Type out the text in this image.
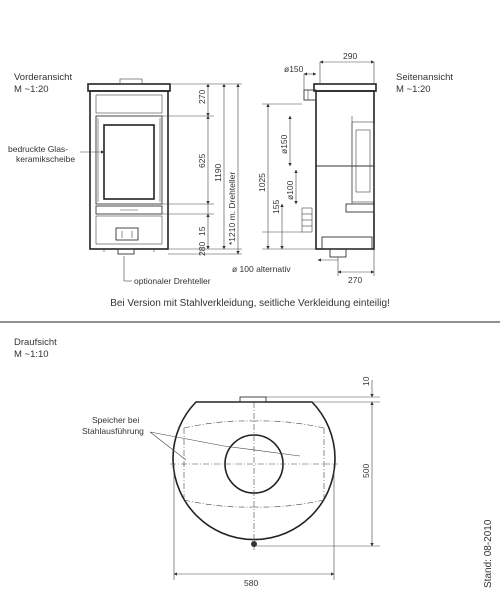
Vorderansicht
M ~1:20
bedruckte Glas-
keramikscheibe
270
625
15
280
1190 *1210 m. Drehteller
optionaler Drehteller
Seitenansicht
M ~1:20
290
ø150
1025
ø150
155
ø100
270
ø 100 alternativ
Bei Version mit Stahlverkleidung, seitliche Verkleidung einteilig!
Draufsicht
M ~1:10
Speicher bei
Stahlausführung
10
500
580	Stand: 08-2010
